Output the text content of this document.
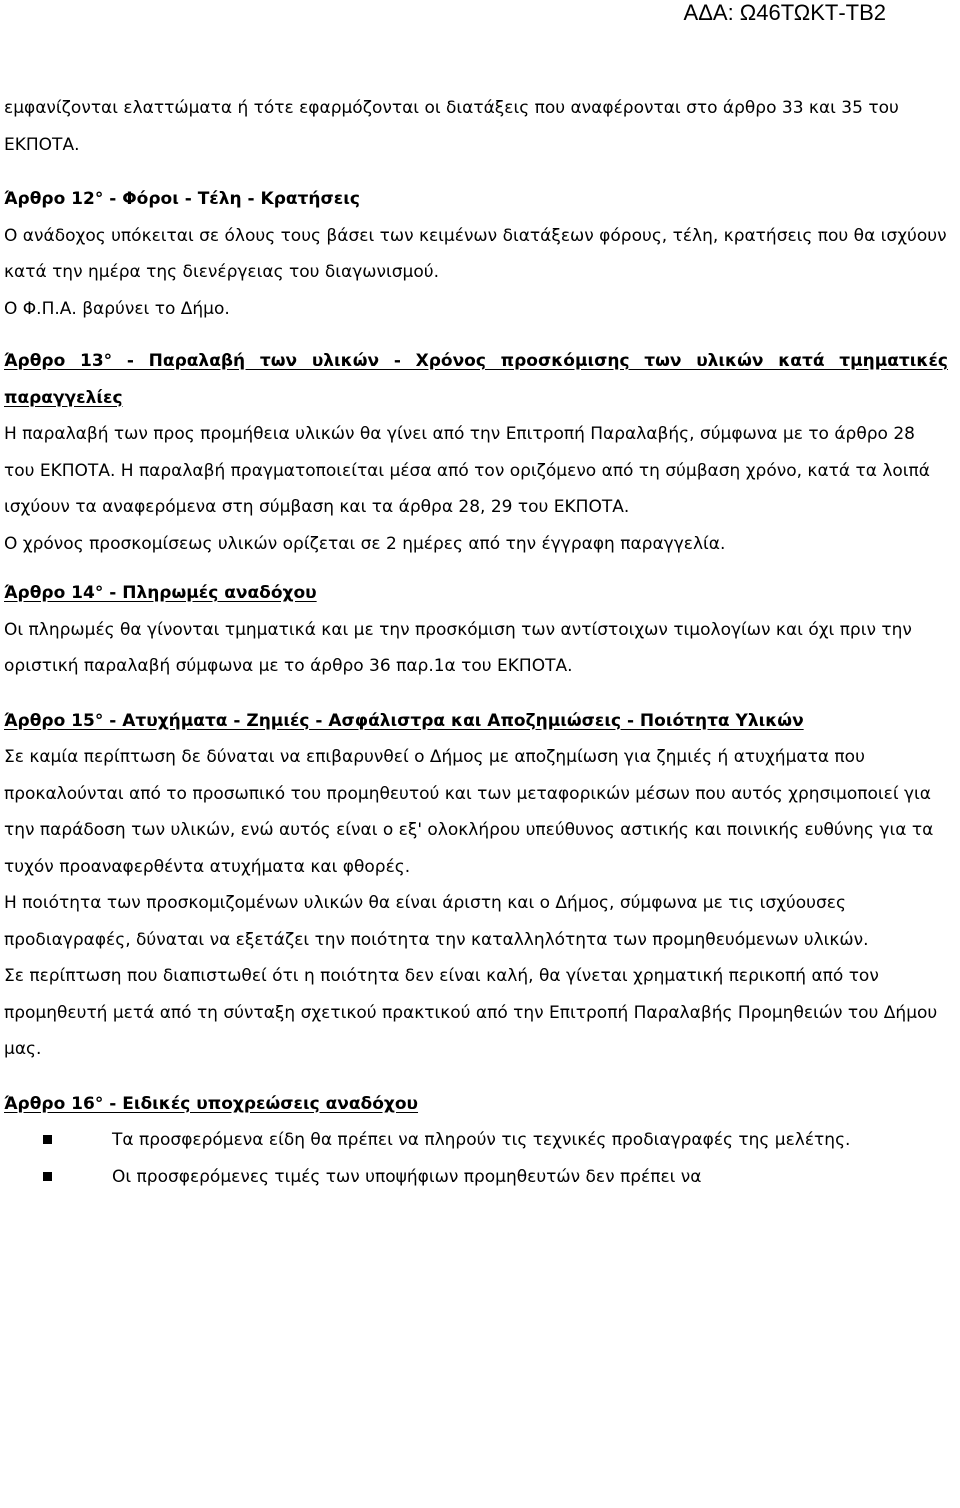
ΑΔΑ: Ω46ΤΩΚΤ-ΤΒ2

εμφανίζονται ελαττώματα ή τότε εφαρμόζονται οι διατάξεις που αναφέρονται στο άρθρο 33 και 35 του ΕΚΠΟΤΑ.

Άρθρο 12° - Φόροι - Τέλη - Κρατήσεις

Ο ανάδοχος υπόκειται σε όλους τους βάσει των κειμένων διατάξεων φόρους, τέλη, κρατήσεις που θα ισχύουν κατά την ημέρα της διενέργειας του διαγωνισμού.

Ο Φ.Π.Α. βαρύνει το Δήμο.

Άρθρο 13° - Παραλαβή των υλικών - Χρόνος προσκόμισης των υλικών κατά τμηματικές παραγγελίες

Η παραλαβή των προς προμήθεια υλικών θα γίνει από την Επιτροπή Παραλαβής, σύμφωνα με το άρθρο 28 του ΕΚΠΟΤΑ. Η παραλαβή πραγματοποιείται μέσα από τον οριζόμενο από τη σύμβαση χρόνο, κατά τα λοιπά ισχύουν τα αναφερόμενα στη σύμβαση και τα άρθρα 28, 29 του ΕΚΠΟΤΑ.

Ο χρόνος προσκομίσεως υλικών ορίζεται σε 2 ημέρες από την έγγραφη παραγγελία.

Άρθρο 14° - Πληρωμές αναδόχου

Οι πληρωμές θα γίνονται τμηματικά και με την προσκόμιση των αντίστοιχων τιμολογίων και όχι πριν την οριστική παραλαβή σύμφωνα με το άρθρο 36 παρ.1α του ΕΚΠΟΤΑ.

Άρθρο 15° - Ατυχήματα - Ζημιές - Ασφάλιστρα και Αποζημιώσεις - Ποιότητα Υλικών

Σε καμία περίπτωση δε δύναται να επιβαρυνθεί ο Δήμος με αποζημίωση για ζημιές ή ατυχήματα που προκαλούνται από το προσωπικό του προμηθευτού και των μεταφορικών μέσων που αυτός χρησιμοποιεί για την παράδοση των υλικών, ενώ αυτός είναι ο εξ' ολοκλήρου υπεύθυνος αστικής και ποινικής ευθύνης για τα τυχόν προαναφερθέντα ατυχήματα και φθορές.

Η ποιότητα των προσκομιζομένων υλικών θα είναι άριστη και ο Δήμος, σύμφωνα με τις ισχύουσες προδιαγραφές, δύναται να εξετάζει την ποιότητα την καταλληλότητα των προμηθευόμενων υλικών.

Σε περίπτωση που διαπιστωθεί ότι η ποιότητα δεν είναι καλή, θα γίνεται χρηματική περικοπή από τον προμηθευτή μετά από τη σύνταξη σχετικού πρακτικού από την Επιτροπή Παραλαβής Προμηθειών του Δήμου μας.

Άρθρο 16° - Ειδικές υποχρεώσεις αναδόχου

Τα προσφερόμενα είδη θα πρέπει να πληρούν τις τεχνικές προδιαγραφές της μελέτης.
Οι προσφερόμενες τιμές των υποψήφιων προμηθευτών δεν πρέπει να
